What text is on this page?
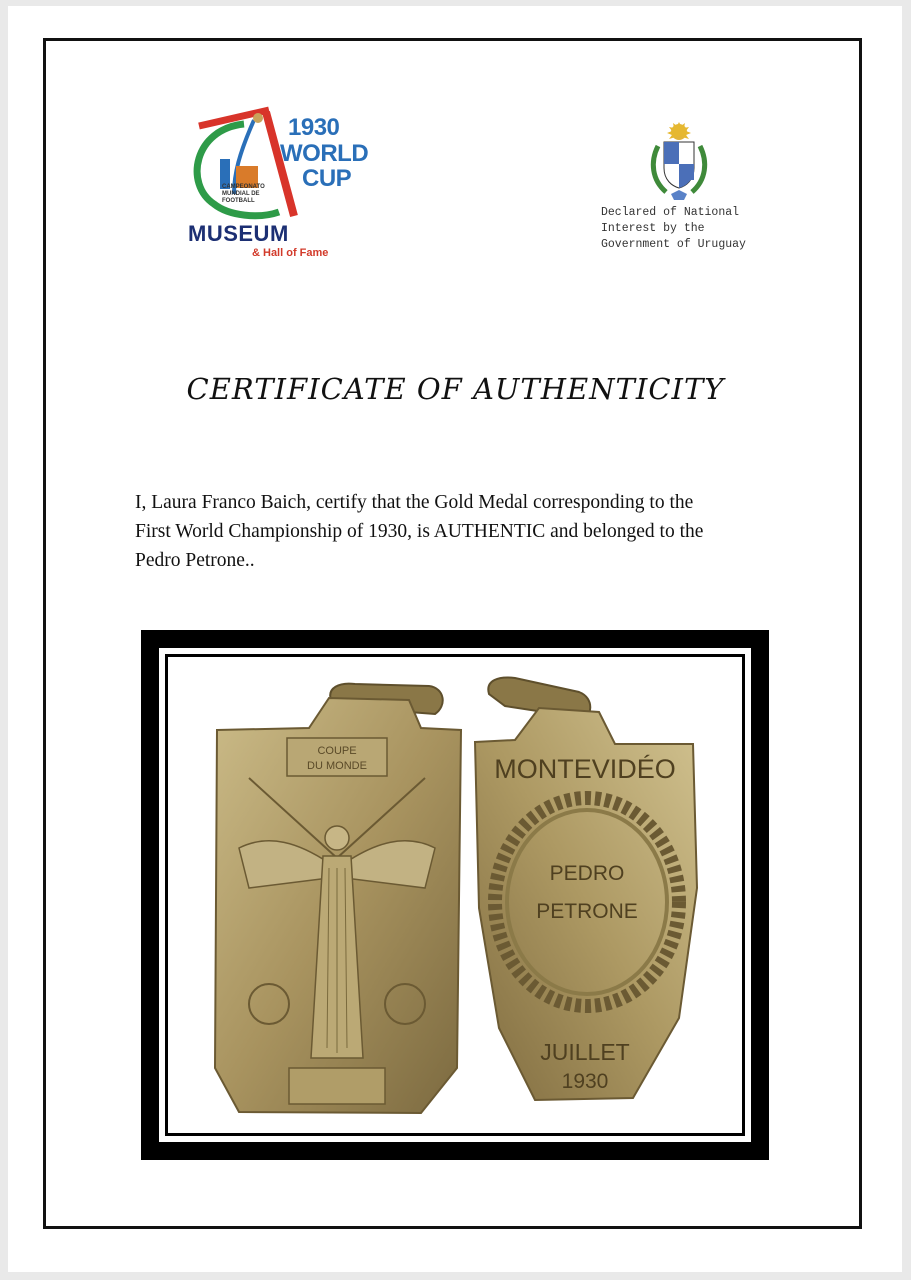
1930
WORLD
CUP
CAMPEONATO MUNDIAL DE FOOTBALL
MUSEUM
& Hall of Fame
Declared of National
Interest by the
Government of Uruguay
CERTIFICATE OF AUTHENTICITY
I, Laura Franco Baich, certify that the Gold Medal corresponding to the
First World Championship of 1930, is AUTHENTIC and belonged to the
Pedro Petrone..
COUPE
DU MONDE	MONTEVIDÉO
PEDRO
PETRONE
JUILLET
1930
